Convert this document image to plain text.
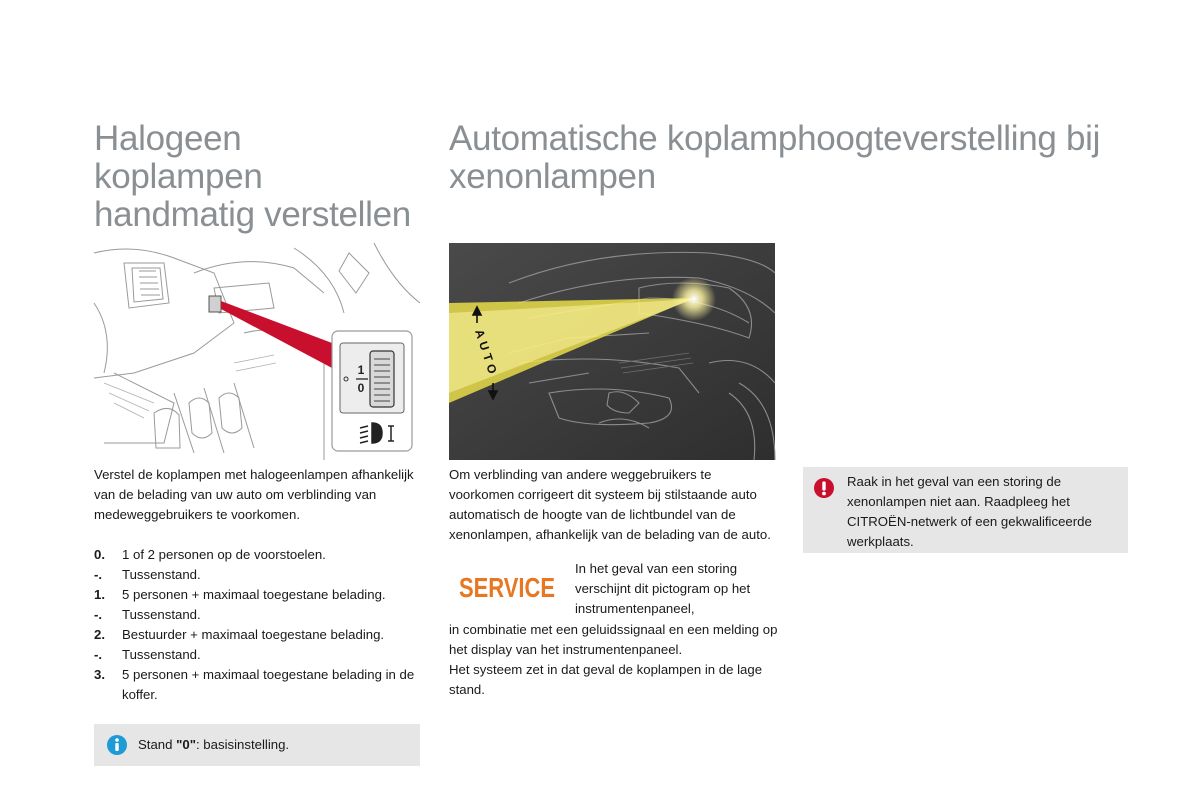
Halogeen
koplampen
handmatig verstellen
1
0
Verstel de koplampen met halogeenlampen afhankelijk van de belading van uw auto om verblinding van medeweggebruikers te voorkomen.
0.	1 of 2 personen op de voorstoelen.
-.	Tussenstand.
1.	5 personen + maximaal toegestane belading.
-.	Tussenstand.
2.	Bestuurder + maximaal toegestane belading.
-.	Tussenstand.
3.	5 personen + maximaal toegestane belading in de koffer.
Stand "0": basisinstelling.
Automatische koplamphoogteverstelling bij
xenonlampen
AUTO
Om verblinding van andere weggebruikers te voorkomen corrigeert dit systeem bij stilstaande auto automatisch de hoogte van de lichtbundel van de xenonlampen, afhankelijk van de belading van de auto.
SERVICE
In het geval van een storing verschijnt dit pictogram op het instrumentenpaneel,
in combinatie met een geluidssignaal en een melding op het display van het instrumentenpaneel.
Het systeem zet in dat geval de koplampen in de lage stand.
Raak in het geval van een storing de xenonlampen niet aan. Raadpleeg het CITROËN-netwerk of een gekwalificeerde werkplaats.
